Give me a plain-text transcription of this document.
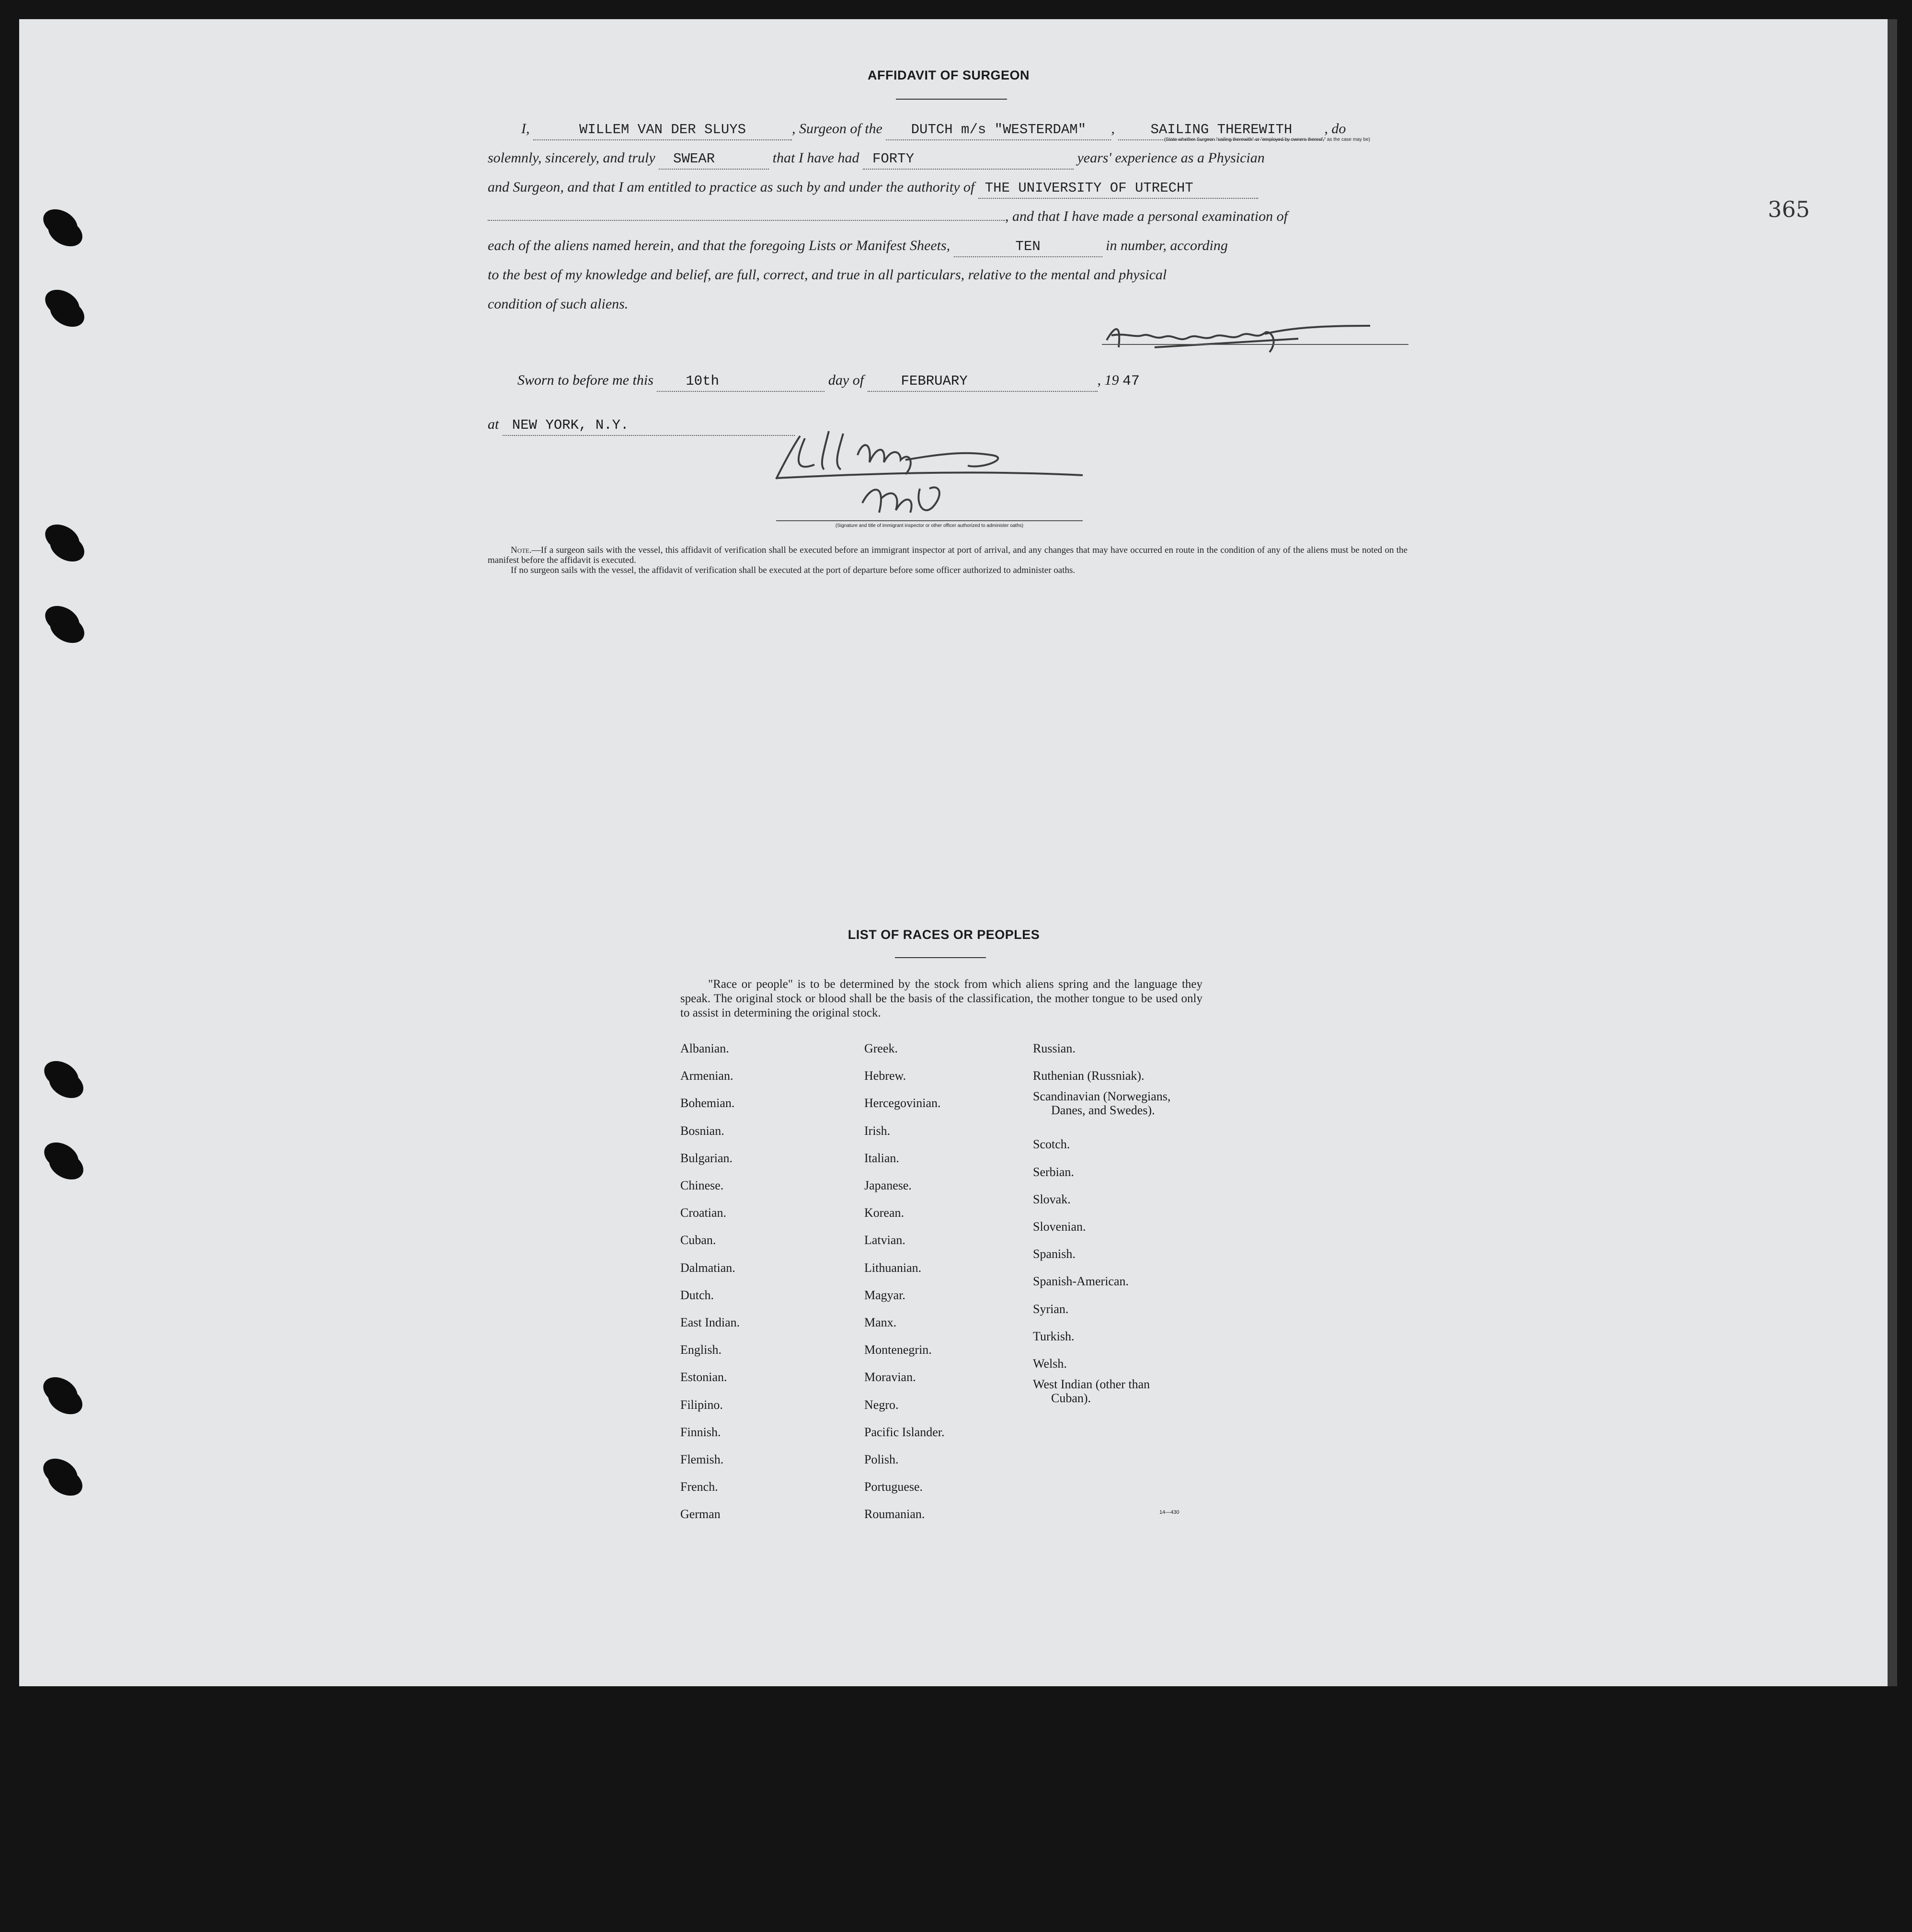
365
AFFIDAVIT OF SURGEON
I,	WILLEM VAN DER SLUYS	, Surgeon of the DUTCH m/s "WESTERDAM" ,	SAILING THEREWITH , do
(State whether Surgeon "sailing therewith" or "employed by owners thereof," as the case may be)
solemnly, sincerely, and truly SWEAR	that I have had FORTY	years' experience as a Physician
and Surgeon, and that I am entitled to practice as such by and under the authority of THE UNIVERSITY OF UTRECHT
, and that I have made a personal examination of
each of the aliens named herein, and that the foregoing Lists or Manifest Sheets,	TEN	in number, according
to the best of my knowledge and belief, are full, correct, and true in all particulars, relative to the mental and physical
condition of such aliens.
Sworn to before me this 10th	day of	FEBRUARY	, 19 47
at NEW YORK, N.Y.
(Signature and title of immigrant inspector or other officer authorized to administer oaths)

Note.—If a surgeon sails with the vessel, this affidavit of verification shall be executed before an immigrant inspector at port of arrival, and any changes that may have occurred en route in the condition of any of the aliens must be noted on the manifest before the affidavit is executed.

If no surgeon sails with the vessel, the affidavit of verification shall be executed at the port of departure before some officer authorized to administer oaths.

LIST OF RACES OR PEOPLES
"Race or people" is to be determined by the stock from which aliens spring and the language they speak. The original stock or blood shall be the basis of the classification, the mother tongue to be used only to assist in determining the original stock.
Albanian.
Armenian.
Bohemian.
Bosnian.
Bulgarian.
Chinese.
Croatian.
Cuban.
Dalmatian.
Dutch.
East Indian.
English.
Estonian.
Filipino.
Finnish.
Flemish.
French.
German
Greek.
Hebrew.
Hercegovinian.
Irish.
Italian.
Japanese.
Korean.
Latvian.
Lithuanian.
Magyar.
Manx.
Montenegrin.
Moravian.
Negro.
Pacific Islander.
Polish.
Portuguese.
Roumanian.
Russian.
Ruthenian (Russniak).
Scandinavian (Norwegians,
Danes, and Swedes).
Scotch.
Serbian.
Slovak.
Slovenian.
Spanish.
Spanish-American.
Syrian.
Turkish.
Welsh.
West Indian (other than
Cuban).
14—430
